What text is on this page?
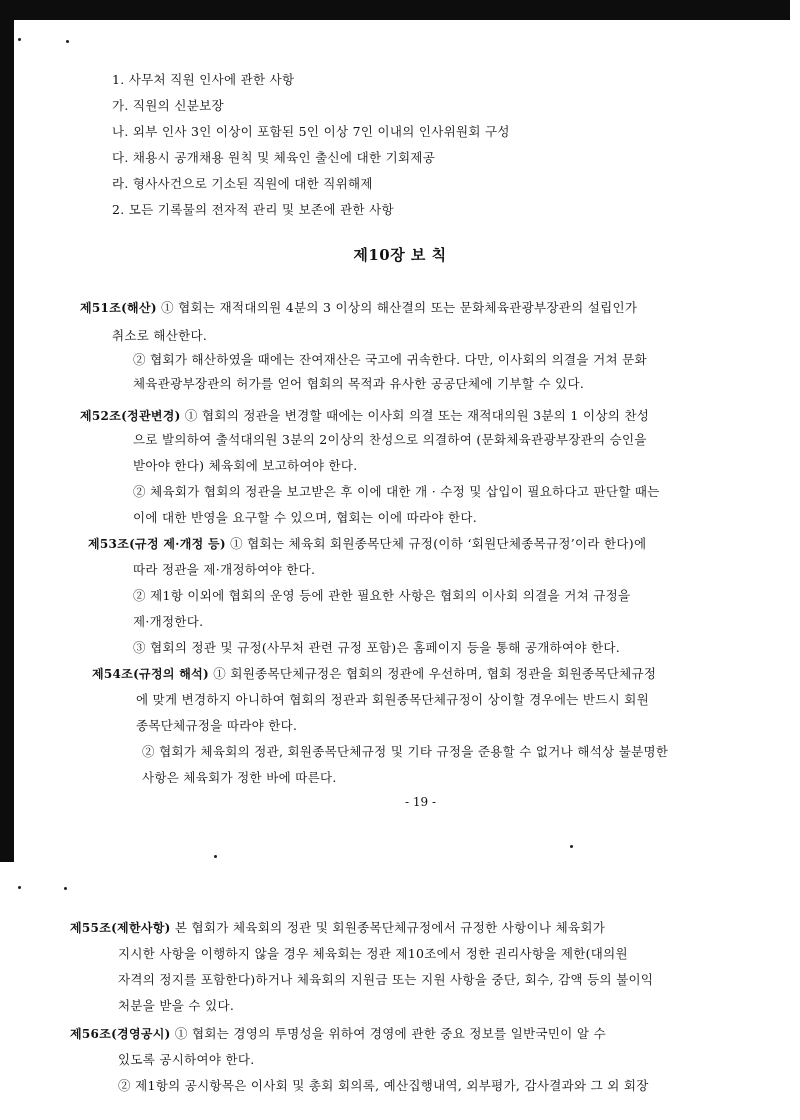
1. 사무처 직원 인사에 관한 사항
가. 직원의 신분보장
나. 외부 인사 3인 이상이 포함된 5인 이상 7인 이내의 인사위원회 구성
다. 채용시 공개채용 원칙 및 체육인 출신에 대한 기회제공
라. 형사사건으로 기소된 직원에 대한 직위해제
2. 모든 기록물의 전자적 관리 및 보존에 관한 사항
제10장 보 칙
제51조(해산) ① 협회는 재적대의원 4분의 3 이상의 해산결의 또는 문화체육관광부장관의 설립인가
취소로 해산한다.
② 협회가 해산하였을 때에는 잔여재산은 국고에 귀속한다. 다만, 이사회의 의결을 거쳐 문화
체육관광부장관의 허가를 얻어 협회의 목적과 유사한 공공단체에 기부할 수 있다.
제52조(정관변경) ① 협회의 정관을 변경할 때에는 이사회 의결 또는 재적대의원 3분의 1 이상의 찬성
으로 발의하여 출석대의원 3분의 2이상의 찬성으로 의결하여 (문화체육관광부장관의 승인을
받아야 한다) 체육회에 보고하여야 한다.
② 체육회가 협회의 정관을 보고받은 후 이에 대한 개 · 수정 및 삽입이 필요하다고 판단할 때는
이에 대한 반영을 요구할 수 있으며, 협회는 이에 따라야 한다.
제53조(규정 제·개정 등) ① 협회는 체육회 회원종목단체 규정(이하 ‘회원단체종목규정’이라 한다)에
따라 정관을 제·개정하여야 한다.
② 제1항 이외에 협회의 운영 등에 관한 필요한 사항은 협회의 이사회 의결을 거쳐 규정을
제·개정한다.
③ 협회의 정관 및 규정(사무처 관련 규정 포함)은 홈페이지 등을 통해 공개하여야 한다.
제54조(규정의 해석) ① 회원종목단체규정은 협회의 정관에 우선하며, 협회 정관을 회원종목단체규정
에 맞게 변경하지 아니하여 협회의 정관과 회원종목단체규정이 상이할 경우에는 반드시 회원
종목단체규정을 따라야 한다.
② 협회가 체육회의 정관, 회원종목단체규정 및 기타 규정을 준용할 수 없거나 해석상 불분명한
사항은 체육회가 정한 바에 따른다.
- 19 -
제55조(제한사항) 본 협회가 체육회의 정관 및 회원종목단체규정에서 규정한 사항이나 체육회가
지시한 사항을 이행하지 않을 경우 체육회는 정관 제10조에서 정한 권리사항을 제한(대의원
자격의 정지를 포함한다)하거나 체육회의 지원금 또는 지원 사항을 중단, 회수, 감액 등의 불이익
처분을 받을 수 있다.
제56조(경영공시) ① 협회는 경영의 투명성을 위하여 경영에 관한 중요 정보를 일반국민이 알 수
있도록 공시하여야 한다.
② 제1항의 공시항목은 이사회 및 총회 회의록, 예산집행내역, 외부평가, 감사결과와 그 외 회장
